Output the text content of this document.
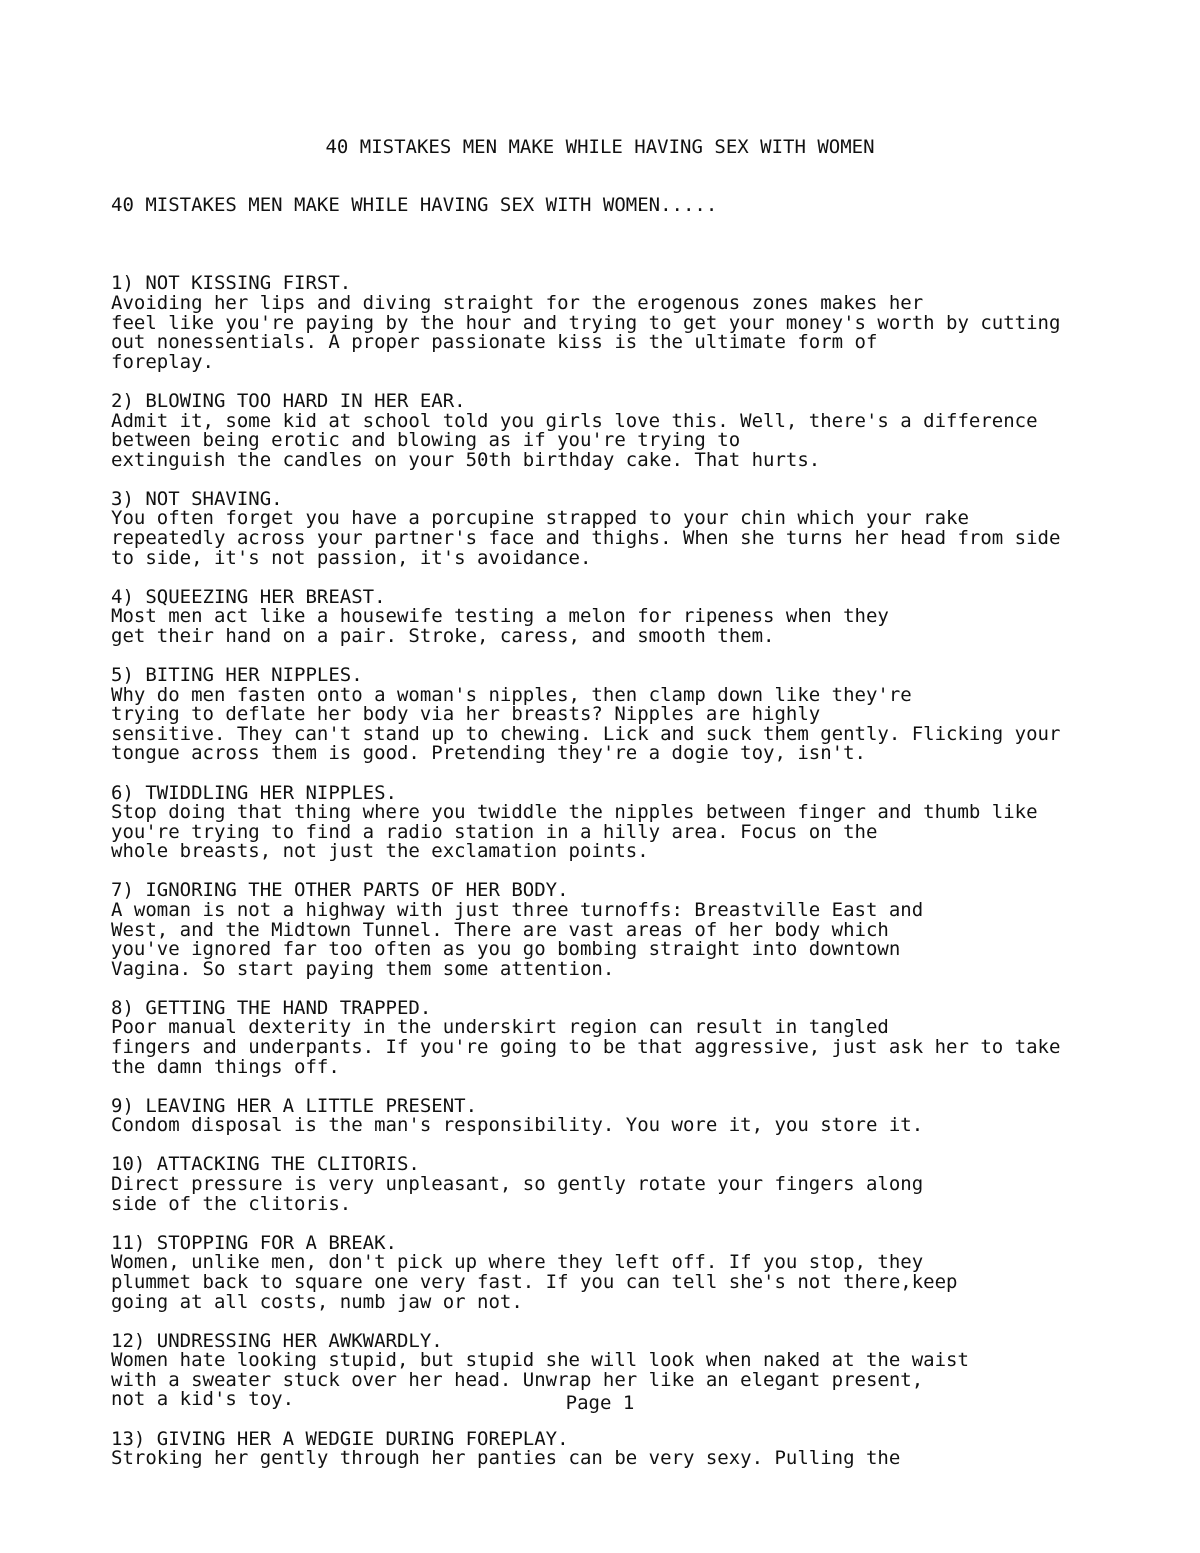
40 MISTAKES MEN MAKE WHILE HAVING SEX WITH WOMEN

40 MISTAKES MEN MAKE WHILE HAVING SEX WITH WOMEN.....

1) NOT KISSING FIRST.
Avoiding her lips and diving straight for the erogenous zones makes her
feel like you're paying by the hour and trying to get your money's worth by cutting
out nonessentials. A proper passionate kiss is the ultimate form of
foreplay.
2) BLOWING TOO HARD IN HER EAR.
Admit it, some kid at school told you girls love this. Well, there's a difference
between being erotic and blowing as if you're trying to
extinguish the candles on your 50th birthday cake. That hurts.
3) NOT SHAVING.
You often forget you have a porcupine strapped to your chin which your rake
repeatedly across your partner's face and thighs. When she turns her head from side
to side, it's not passion, it's avoidance.
4) SQUEEZING HER BREAST.
Most men act like a housewife testing a melon for ripeness when they
get their hand on a pair. Stroke, caress, and smooth them.
5) BITING HER NIPPLES.
Why do men fasten onto a woman's nipples, then clamp down like they're
trying to deflate her body via her breasts? Nipples are highly
sensitive. They can't stand up to chewing. Lick and suck them gently. Flicking your
tongue across them is good. Pretending they're a dogie toy, isn't.
6) TWIDDLING HER NIPPLES.
Stop doing that thing where you twiddle the nipples between finger and thumb like
you're trying to find a radio station in a hilly area. Focus on the
whole breasts, not just the exclamation points.
7) IGNORING THE OTHER PARTS OF HER BODY.
A woman is not a highway with just three turnoffs: Breastville East and
West, and the Midtown Tunnel. There are vast areas of her body which
you've ignored far too often as you go bombing straight into downtown
Vagina. So start paying them some attention.
8) GETTING THE HAND TRAPPED.
Poor manual dexterity in the underskirt region can result in tangled
fingers and underpants. If you're going to be that aggressive, just ask her to take
the damn things off.
9) LEAVING HER A LITTLE PRESENT.
Condom disposal is the man's responsibility. You wore it, you store it.
10) ATTACKING THE CLITORIS.
Direct pressure is very unpleasant, so gently rotate your fingers along
side of the clitoris.
11) STOPPING FOR A BREAK.
Women, unlike men, don't pick up where they left off. If you stop, they
plummet back to square one very fast. If you can tell she's not there,keep
going at all costs, numb jaw or not.
12) UNDRESSING HER AWKWARDLY.
Women hate looking stupid, but stupid she will look when naked at the waist
with a sweater stuck over her head. Unwrap her like an elegant present,
not a kid's toy.
13) GIVING HER A WEDGIE DURING FOREPLAY.
Stroking her gently through her panties can be very sexy. Pulling the
Page 1
